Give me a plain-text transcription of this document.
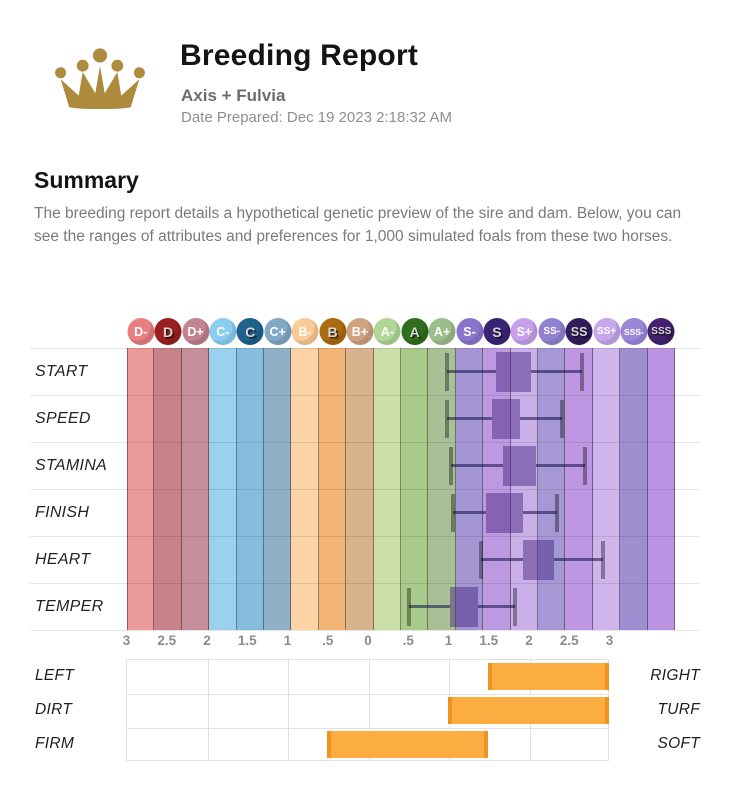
Breeding Report
Axis + Fulvia
Date Prepared: Dec 19 2023 2:18:32 AM
Summary
The breeding report details a hypothetical genetic preview of the sire and dam. Below, you can see the ranges of attributes and preferences for 1,000 simulated foals from these two horses.
D- D D+ C- C C+ B- B B+ A- A A+ S- S S+ SS- SS SS+ SSS- SSS
START
SPEED
STAMINA
FINISH
HEART
TEMPER
3 2.5 2 1.5 1 .5 0 .5 1 1.5 2 2.5 3
LEFT	RIGHT
DIRT	TURF
FIRM	SOFT
